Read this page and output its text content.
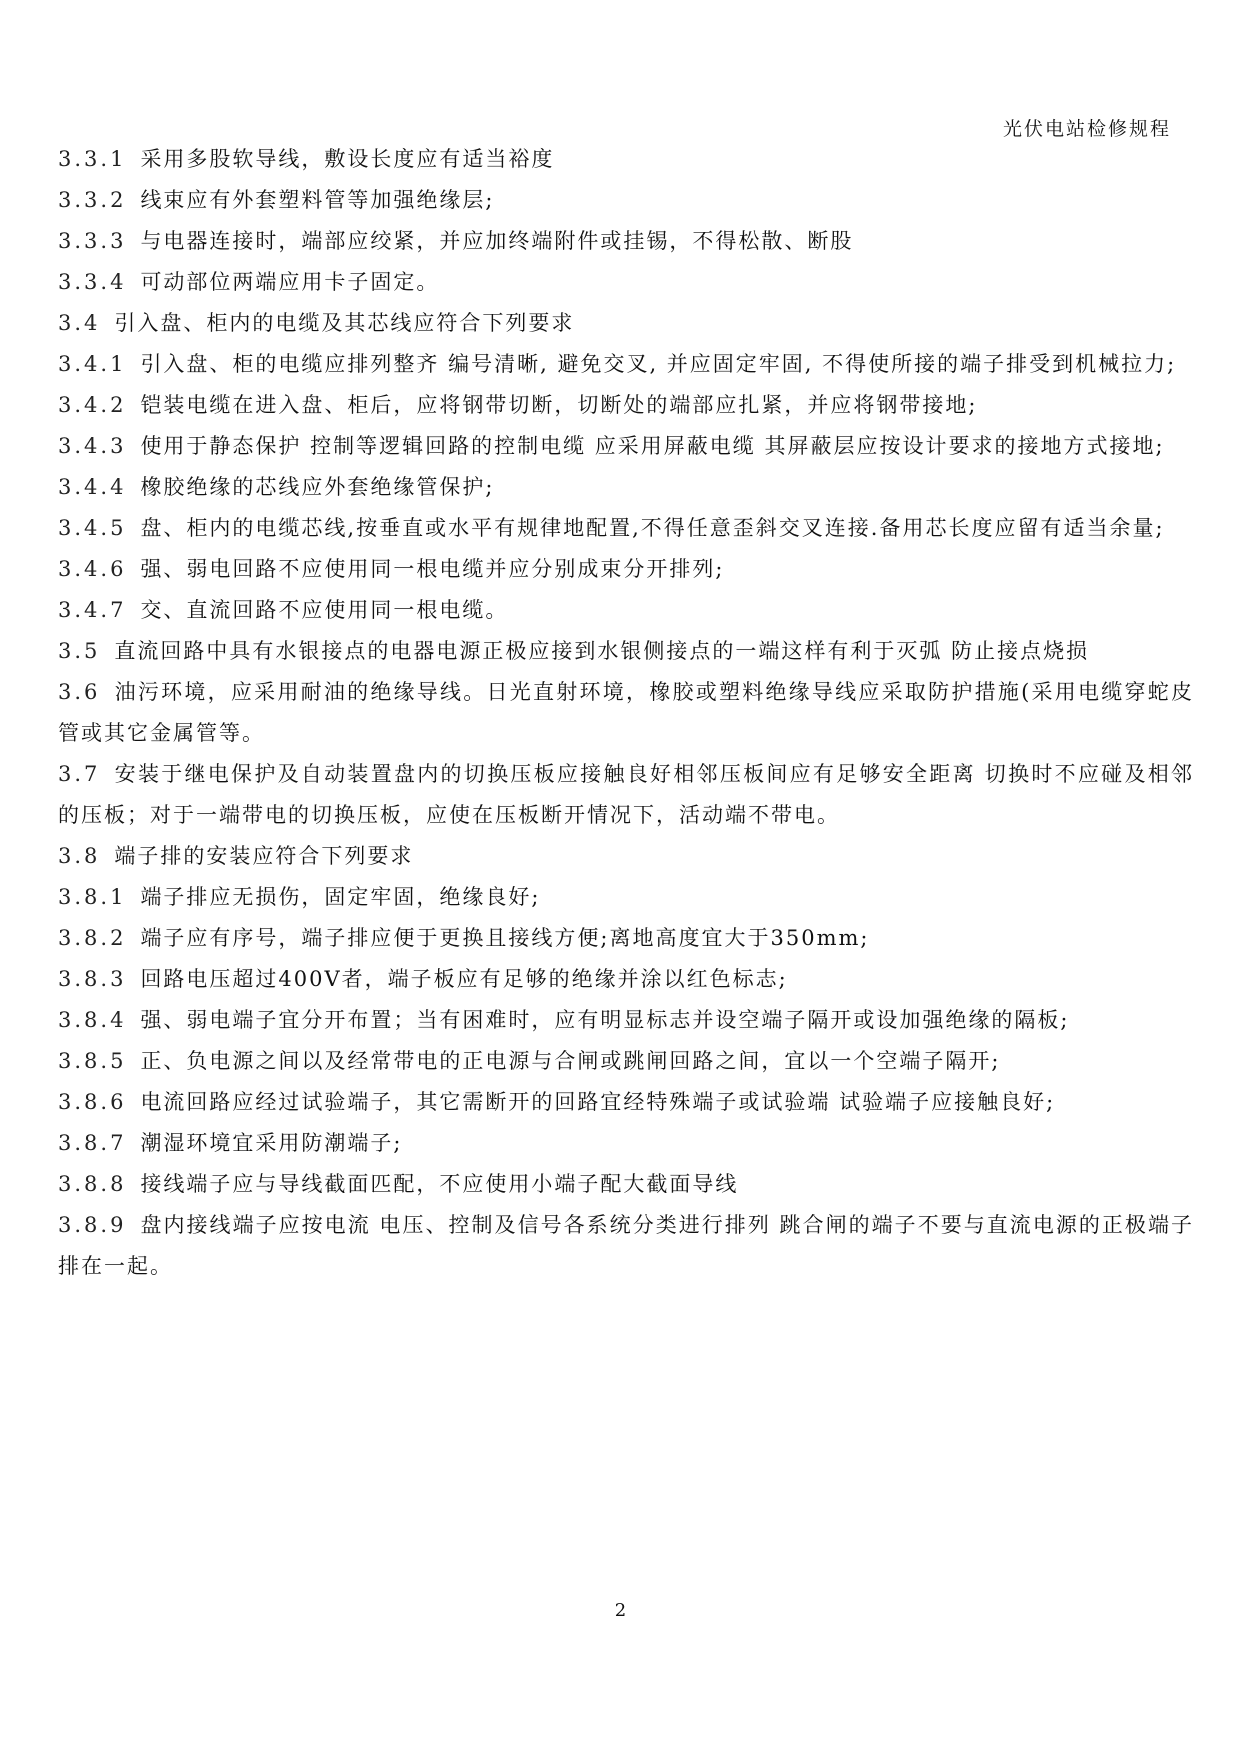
光伏电站检修规程

3.3.1 采用多股软导线，敷设长度应有适当裕度

3.3.2 线束应有外套塑料管等加强绝缘层;

3.3.3 与电器连接时，端部应绞紧，并应加终端附件或挂锡，不得松散、断股

3.3.4 可动部位两端应用卡子固定。

3.4 引入盘、柜内的电缆及其芯线应符合下列要求

3.4.1 引入盘、柜的电缆应排列整齐 编号清晰, 避免交叉, 并应固定牢固, 不得使所接的端子排受到机械拉力;

3.4.2 铠装电缆在进入盘、柜后，应将钢带切断，切断处的端部应扎紧，并应将钢带接地;

3.4.3 使用于静态保护 控制等逻辑回路的控制电缆 应采用屏蔽电缆 其屏蔽层应按设计要求的接地方式接地;

3.4.4 橡胶绝缘的芯线应外套绝缘管保护;

3.4.5 盘、柜内的电缆芯线,按垂直或水平有规律地配置,不得任意歪斜交叉连接.备用芯长度应留有适当余量;

3.4.6 强、弱电回路不应使用同一根电缆并应分别成束分开排列;

3.4.7 交、直流回路不应使用同一根电缆。

3.5 直流回路中具有水银接点的电器电源正极应接到水银侧接点的一端这样有利于灭弧 防止接点烧损

3.6 油污环境，应采用耐油的绝缘导线。日光直射环境，橡胶或塑料绝缘导线应采取防护措施(采用电缆穿蛇皮管或其它金属管等。

3.7 安装于继电保护及自动装置盘内的切换压板应接触良好相邻压板间应有足够安全距离 切换时不应碰及相邻的压板；对于一端带电的切换压板，应使在压板断开情况下，活动端不带电。

3.8 端子排的安装应符合下列要求

3.8.1 端子排应无损伤，固定牢固，绝缘良好;

3.8.2 端子应有序号，端子排应便于更换且接线方便;离地高度宜大于350mm;

3.8.3 回路电压超过400V者，端子板应有足够的绝缘并涂以红色标志;

3.8.4 强、弱电端子宜分开布置；当有困难时，应有明显标志并设空端子隔开或设加强绝缘的隔板;

3.8.5 正、负电源之间以及经常带电的正电源与合闸或跳闸回路之间，宜以一个空端子隔开;

3.8.6 电流回路应经过试验端子，其它需断开的回路宜经特殊端子或试验端 试验端子应接触良好;

3.8.7 潮湿环境宜采用防潮端子;

3.8.8 接线端子应与导线截面匹配，不应使用小端子配大截面导线

3.8.9 盘内接线端子应按电流 电压、控制及信号各系统分类进行排列 跳合闸的端子不要与直流电源的正极端子排在一起。

2
